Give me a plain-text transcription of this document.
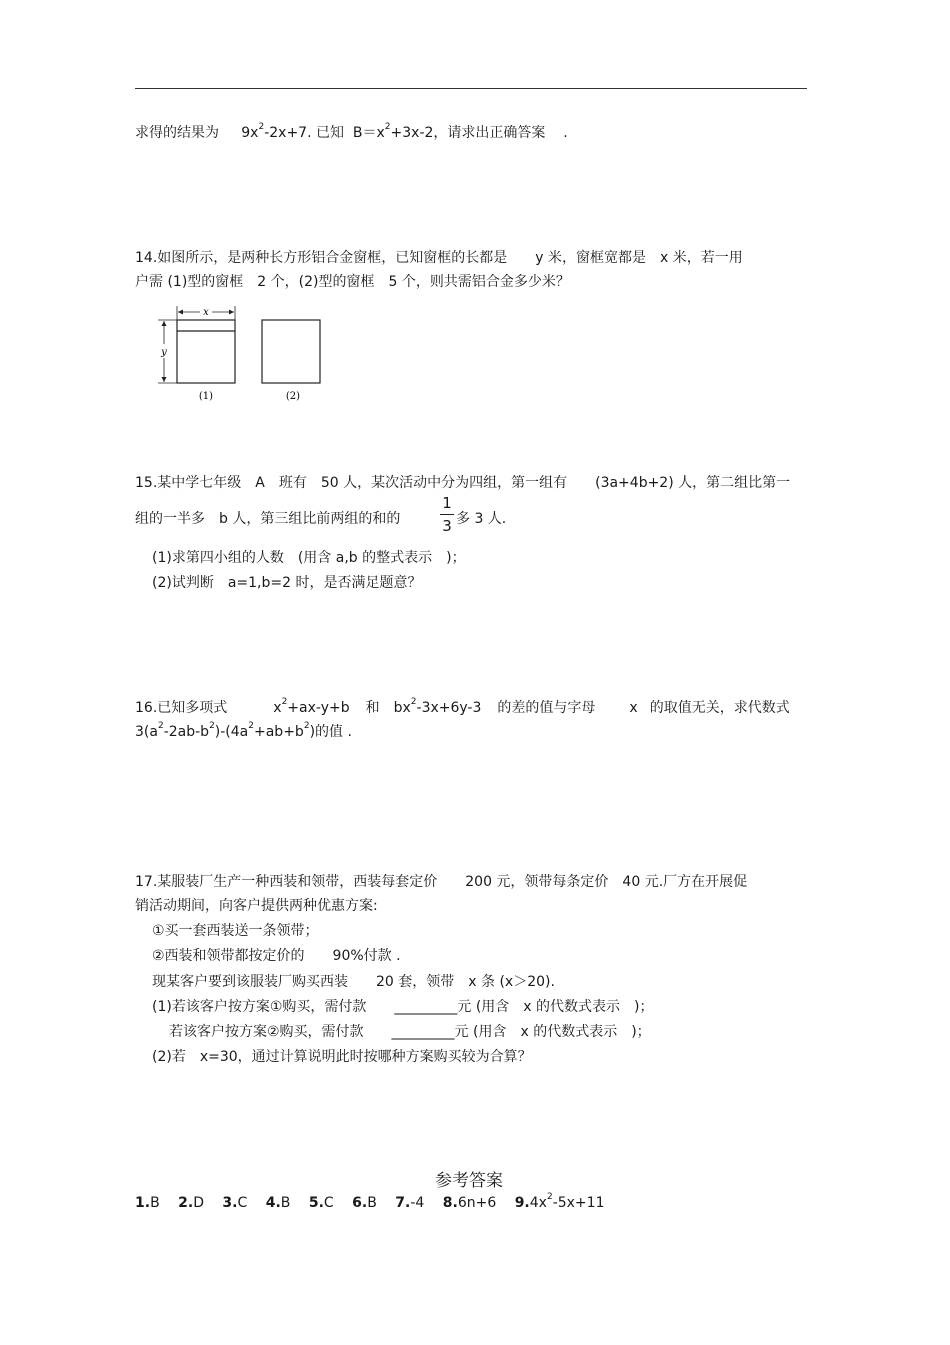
求得的结果为 $9x^2-2x+7$. 已知 $B=x^2+3x-2$，请求出正确答案 .
14.如图所示，是两种长方形铝合金窗框，已知窗框的长都是　　y 米，窗框宽都是　x 米，若一用
户需 (1)型的窗框　2 个，(2)型的窗框　5 个，则共需铝合金多少米？
x
y
(1)	(2)
15.某中学七年级　A　班有　50 人，某次活动中分为四组，第一组有　　(3a+4b+2) 人，第二组比第一
组的一半多　b 人，第三组比前两组的和的
1
3 多 3 人.
(1)求第四小组的人数　(用含 a,b 的整式表示　)；
(2)试判断　a=1,b=2 时，是否满足题意？
16.已知多项式	$x^2+ax-y+b$ 和 $bx^2-3x+6y-3$ 的差的值与字母 x 的取值无关，求代数式
$3(a^2-2ab-b^2)-(4a^2+ab+b^2)$的值 .
17.某服装厂生产一种西装和领带，西装每套定价　　200 元，领带每条定价　40 元.厂方在开展促
销活动期间，向客户提供两种优惠方案:
①买一套西装送一条领带；
②西装和领带都按定价的　　90%付款 .
现某客户要到该服装厂购买西装　　20 套，领带　x 条 (x＞20).
(1)若该客户按方案①购买，需付款　　_________元 (用含　x 的代数式表示　)；
若该客户按方案②购买，需付款　　_________元 (用含　x 的代数式表示　)；
(2)若　x=30，通过计算说明此时按哪种方案购买较为合算？
参考答案
1.B 2.D 3.C 4.B 5.C 6.B 7.-4 8.6n+6 $9.4x^2-5x+11$
